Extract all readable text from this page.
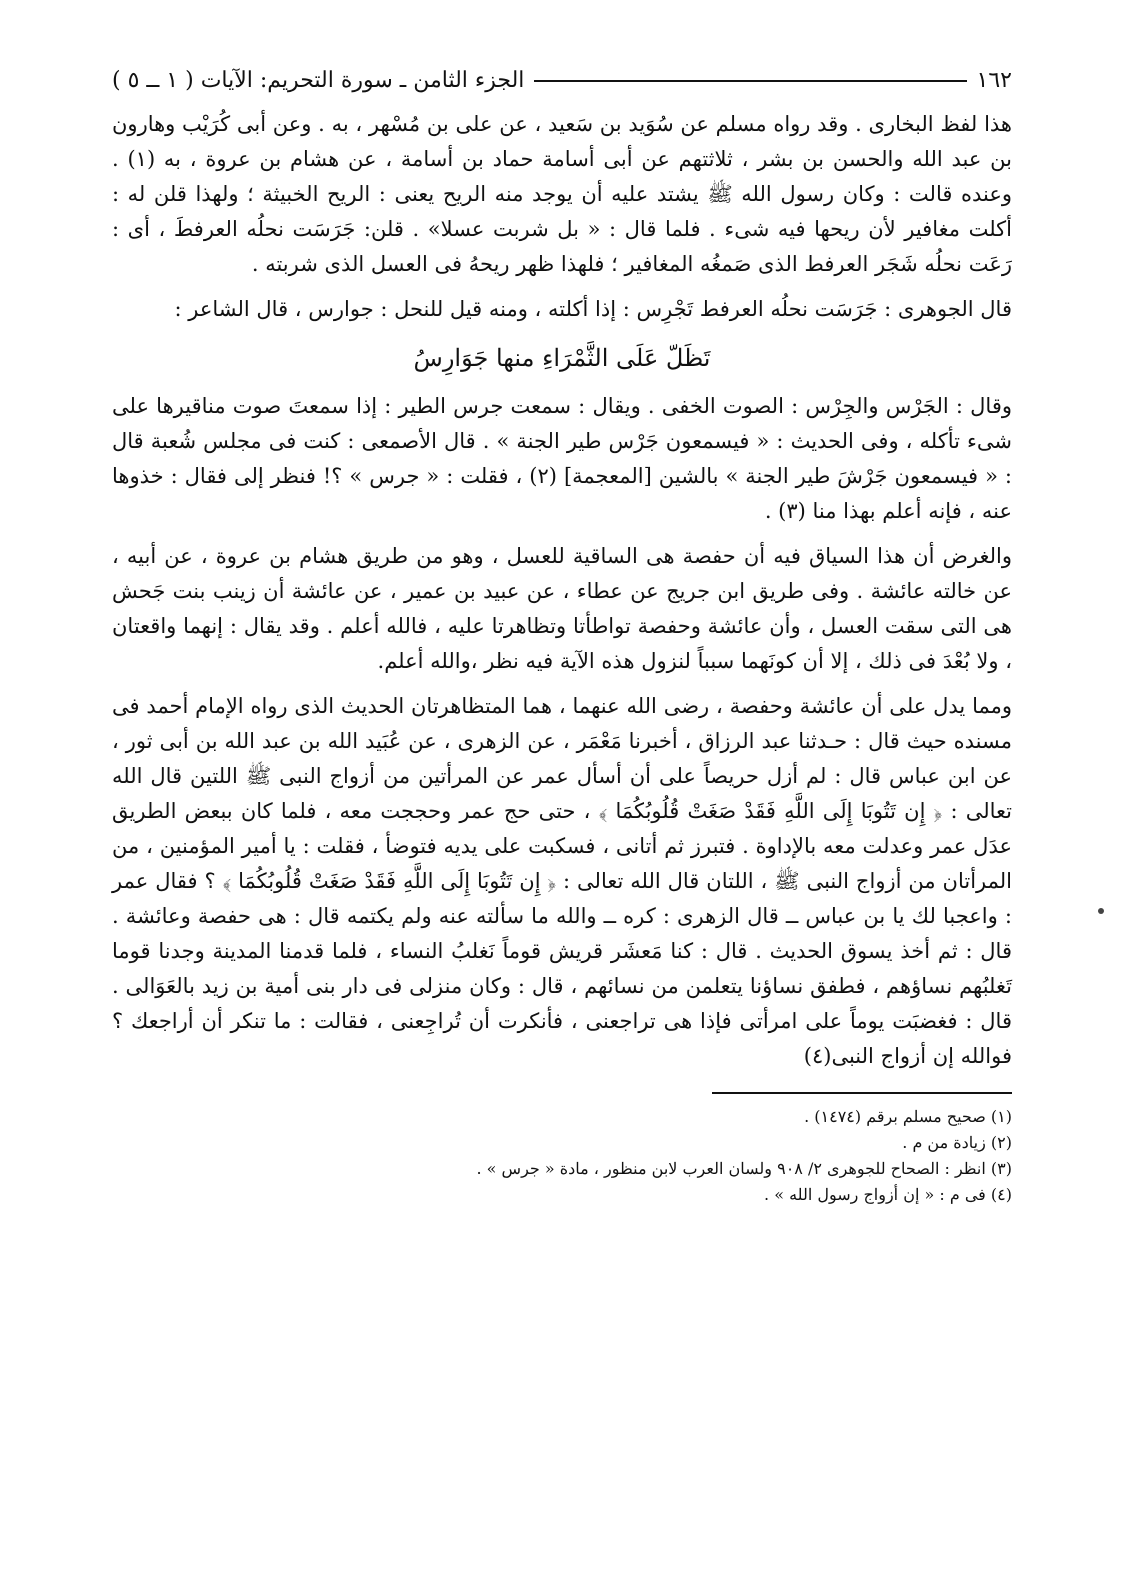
١٦٢
الجزء الثامن ـ سورة التحريم: الآيات ( ١ ــ ٥ )

هذا لفظ البخارى . وقد رواه مسلم عن سُوَيد بن سَعيد ، عن على بن مُسْهر ، به . وعن أبى كُرَيْب وهارون بن عبد الله والحسن بن بشر ، ثلاثتهم عن أبى أسامة حماد بن أسامة ، عن هشام بن عروة ، به (١) . وعنده قالت : وكان رسول الله ﷺ يشتد عليه أن يوجد منه الريح يعنى : الريح الخبيثة ؛ ولهذا قلن له : أكلت مغافير لأن ريحها فيه شىء . فلما قال : « بل شربت عسلا» . قلن: جَرَسَت نحلُه العرفطَ ، أى : رَعَت نحلُه شَجَر العرفط الذى صَمغُه المغافير ؛ فلهذا ظهر ريحهُ فى العسل الذى شربته .

قال الجوهرى : جَرَسَت نحلُه العرفط تَجْرِس : إذا أكلته ، ومنه قيل للنحل : جوارس ، قال الشاعر :

تَظَلّ عَلَى الثَّمْرَاءِ منها جَوَارِسُ

وقال : الجَرْس والجِرْس : الصوت الخفى . ويقال : سمعت جرس الطير : إذا سمعتَ صوت مناقيرها على شىء تأكله ، وفى الحديث : « فيسمعون جَرْس طير الجنة » . قال الأصمعى : كنت فى مجلس شُعبة قال : « فيسمعون جَرْشَ طير الجنة » بالشين [المعجمة] (٢) ، فقلت : « جرس » ؟! فنظر إلى فقال : خذوها عنه ، فإنه أعلم بهذا منا (٣) .

والغرض أن هذا السياق فيه أن حفصة هى الساقية للعسل ، وهو من طريق هشام بن عروة ، عن أبيه ، عن خالته عائشة . وفى طريق ابن جريج عن عطاء ، عن عبيد بن عمير ، عن عائشة أن زينب بنت جَحش هى التى سقت العسل ، وأن عائشة وحفصة تواطأتا وتظاهرتا عليه ، فالله أعلم . وقد يقال : إنهما واقعتان ، ولا بُعْدَ فى ذلك ، إلا أن كونَهما سبباً لنزول هذه الآية فيه نظر ،والله أعلم.

ومما يدل على أن عائشة وحفصة ، رضى الله عنهما ، هما المتظاهرتان الحديث الذى رواه الإمام أحمد فى مسنده حيث قال : حـدثنا عبد الرزاق ، أخبرنا مَعْمَر ، عن الزهرى ، عن عُبَيد الله بن عبد الله بن أبى ثور ، عن ابن عباس قال : لم أزل حريصاً على أن أسأل عمر عن المرأتين من أزواج النبى ﷺ اللتين قال الله تعالى : ﴿ إِن تَتُوبَا إِلَى اللَّهِ فَقَدْ صَغَتْ قُلُوبُكُمَا ﴾ ، حتى حج عمر وحججت معه ، فلما كان ببعض الطريق عدَل عمر وعدلت معه بالإداوة . فتبرز ثم أتانى ، فسكبت على يديه فتوضأ ، فقلت : يا أمير المؤمنين ، من المرأتان من أزواج النبى ﷺ ، اللتان قال الله تعالى : ﴿ إِن تَتُوبَا إِلَى اللَّهِ فَقَدْ صَغَتْ قُلُوبُكُمَا ﴾ ؟ فقال عمر : واعجبا لك يا بن عباس ــ قال الزهرى : كره ــ والله ما سألته عنه ولم يكتمه قال : هى حفصة وعائشة . قال : ثم أخذ يسوق الحديث . قال : كنا مَعشَر قريش قوماً نَغلبُ النساء ، فلما قدمنا المدينة وجدنا قوما تَغلبُهم نساؤهم ، فطفق نساؤنا يتعلمن من نسائهم ، قال : وكان منزلى فى دار بنى أمية بن زيد بالعَوَالى . قال : فغضبَت يوماً على امرأتى فإذا هى تراجعنى ، فأنكرت أن تُراجِعنى ، فقالت : ما تنكر أن أراجعك ؟ فوالله إن أزواج النبى(٤)

(١) صحيح مسلم برقم (١٤٧٤) .

(٢) زيادة من م .

(٣) انظر : الصحاح للجوهرى ٢/ ٩٠٨ ولسان العرب لابن منظور ، مادة « جرس » .

(٤) فى م : « إن أزواج رسول الله » .
